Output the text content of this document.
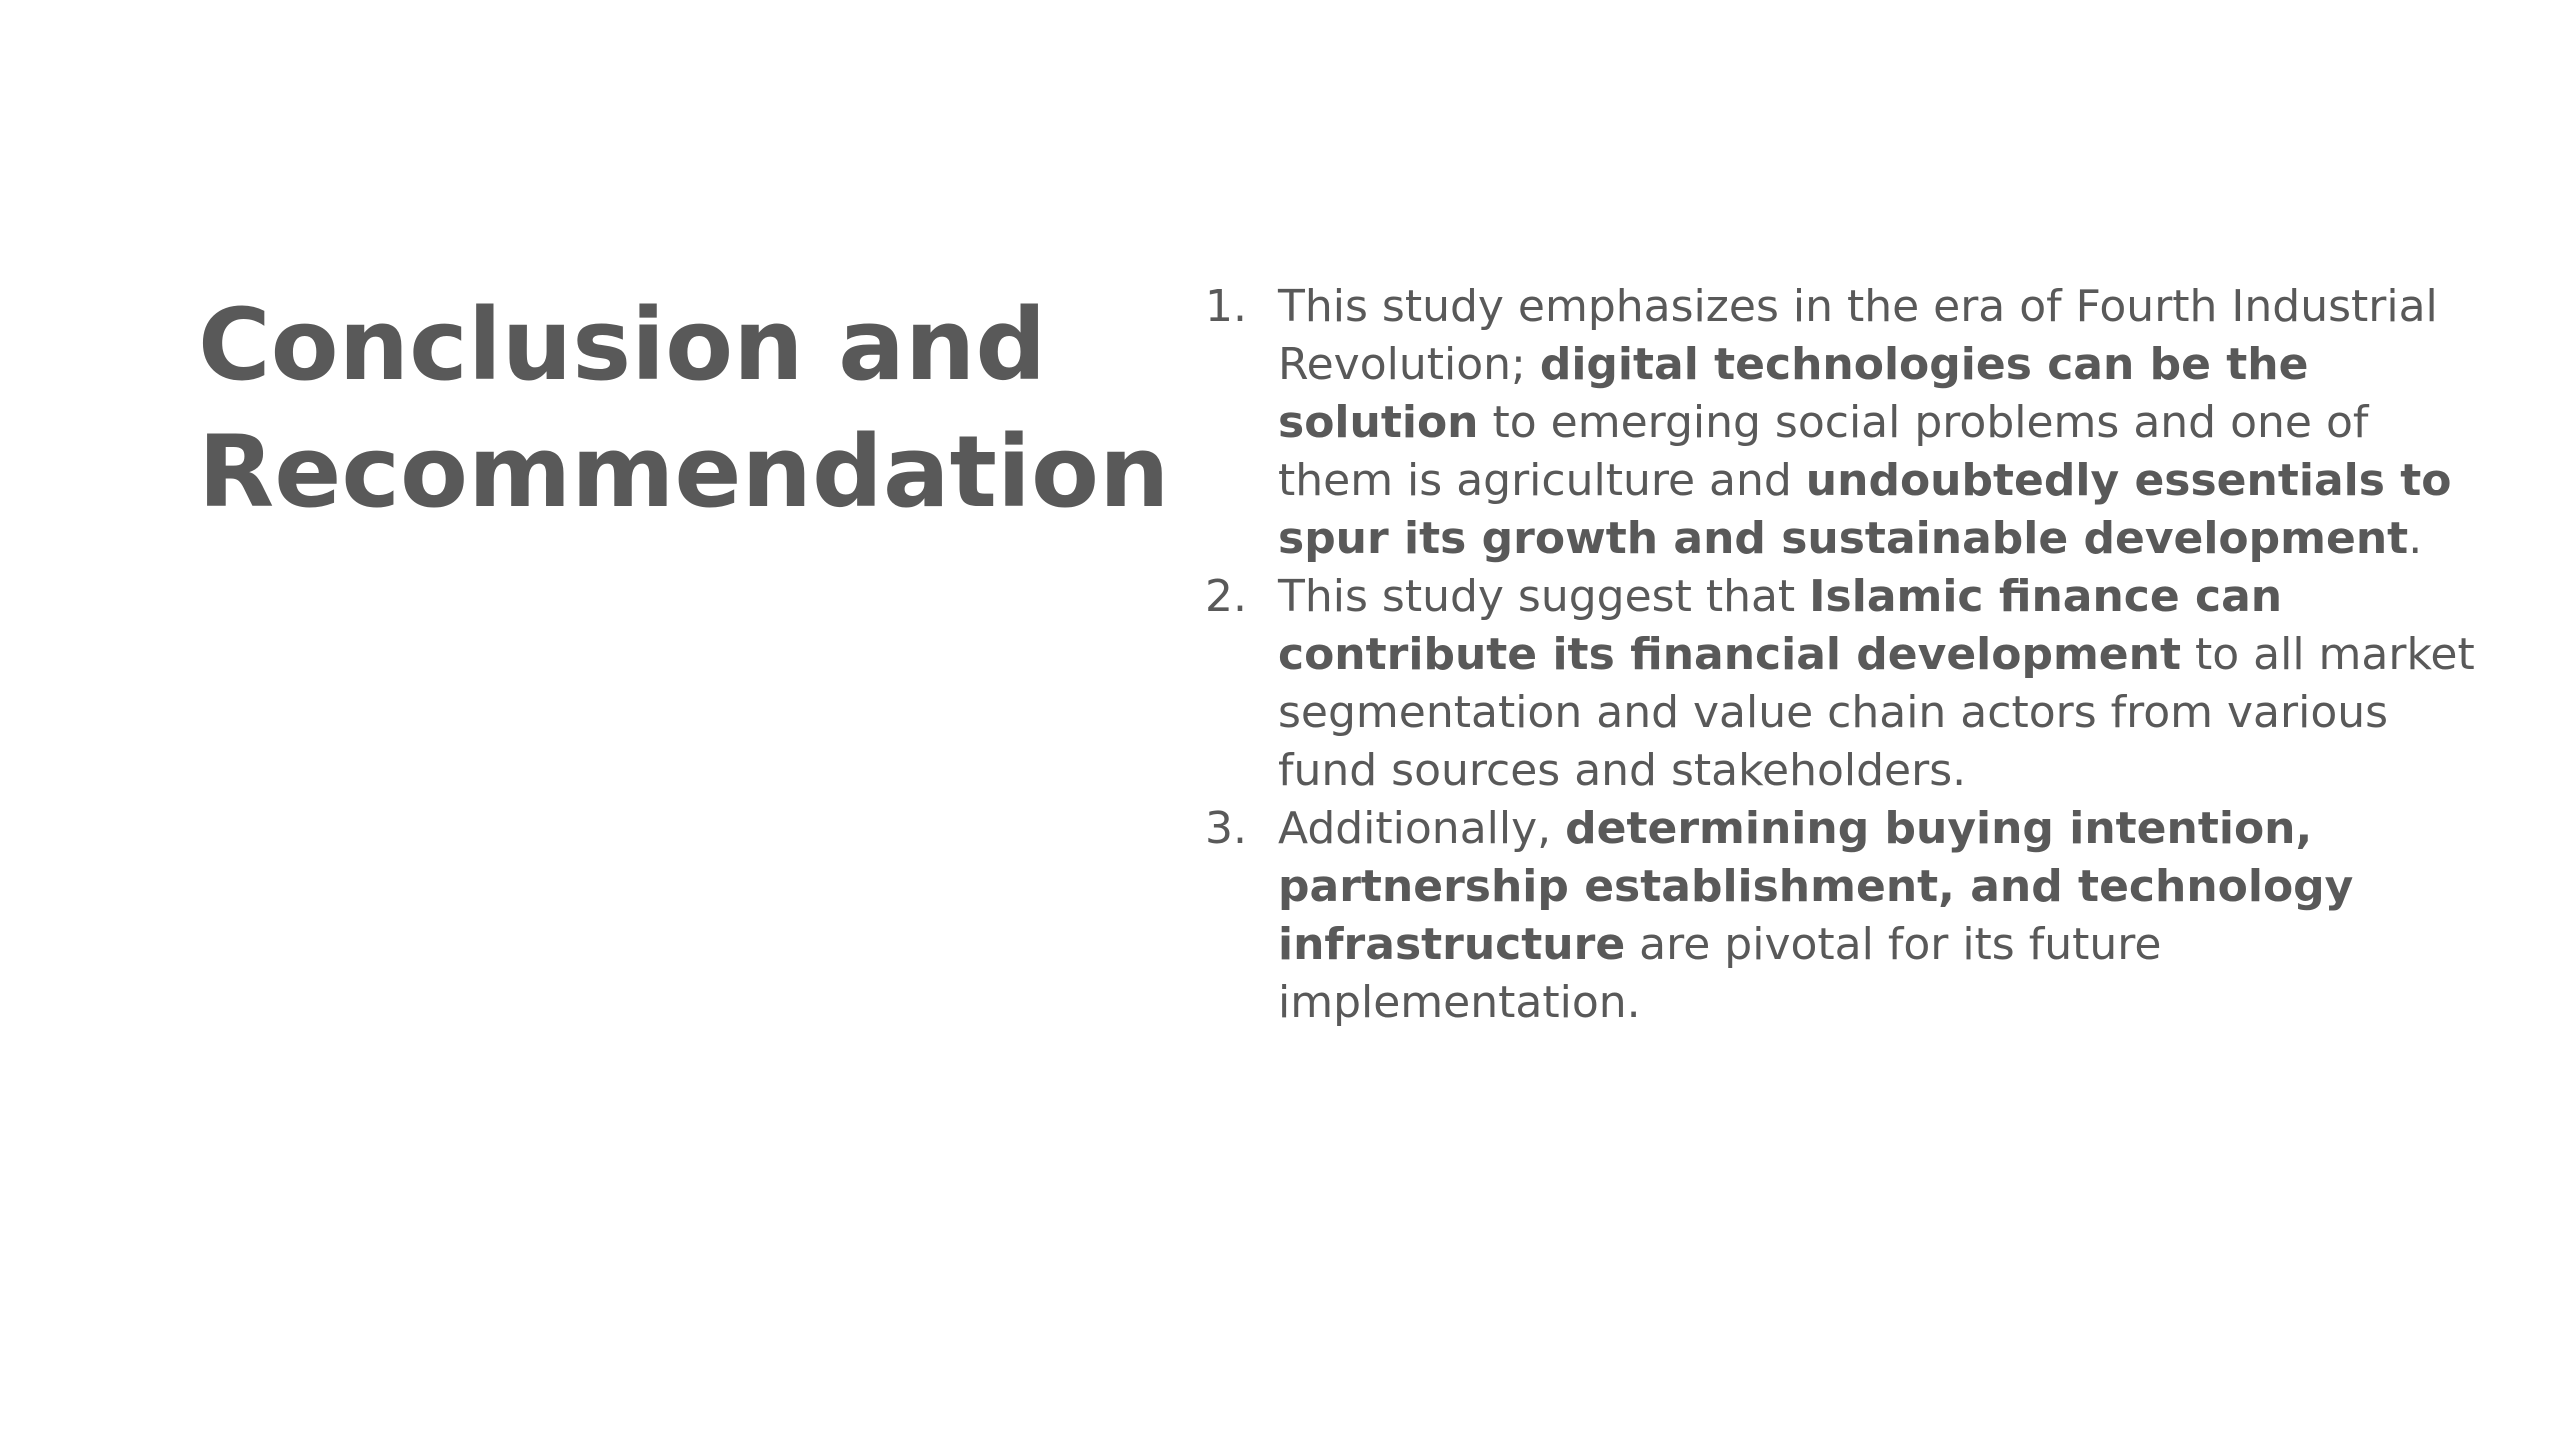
Conclusion and Recommendation
1. This study emphasizes in the era of Fourth Industrial Revolution; digital technologies can be the solution to emerging social problems and one of them is agriculture and undoubtedly essentials to spur its growth and sustainable development.
2. This study suggest that Islamic finance can contribute its financial development to all market segmentation and value chain actors from various fund sources and stakeholders.
3. Additionally, determining buying intention, partnership establishment, and technology infrastructure are pivotal for its future implementation.
